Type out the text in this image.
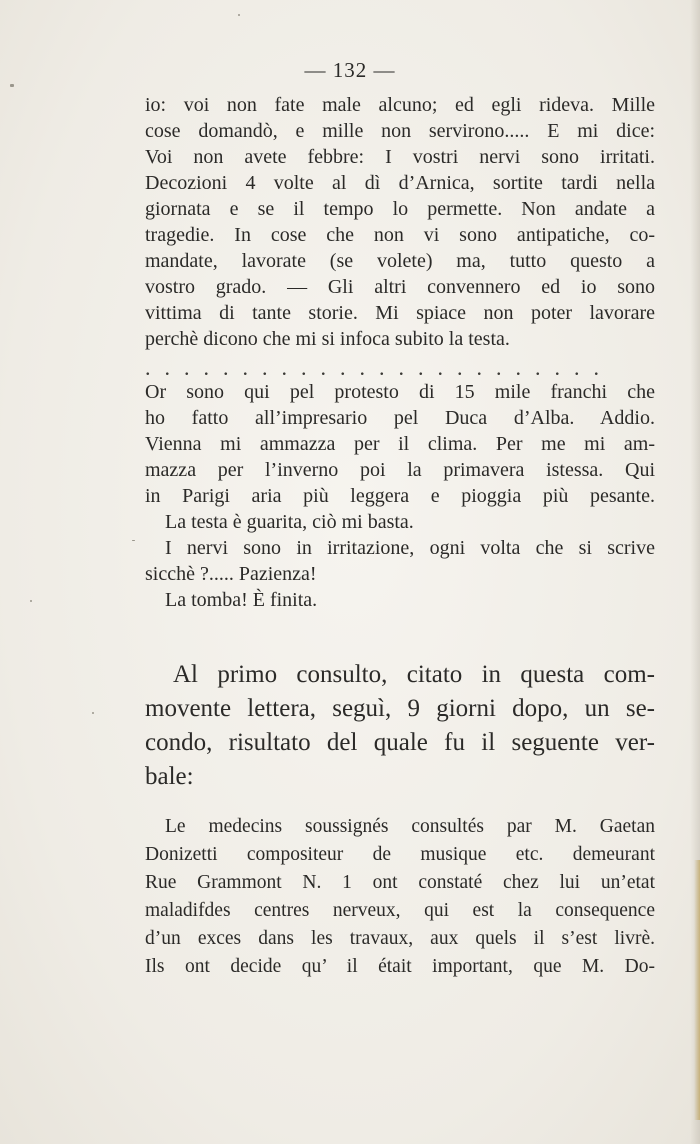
— 132 —
io: voi non fate male alcuno; ed egli rideva. Mille
cose domandò, e mille non servirono..... E mi dice:
Voi non avete febbre: I vostri nervi sono irritati.
Decozioni 4 volte al dì d’Arnica, sortite tardi nella
giornata e se il tempo lo permette. Non andate a
tragedie. In cose che non vi sono antipatiche, co-
mandate, lavorate (se volete) ma, tutto questo a
vostro grado. — Gli altri convennero ed io sono
vittima di tante storie. Mi spiace non poter lavorare
perchè dicono che mi si infoca subito la testa.
........................
Or sono qui pel protesto di 15 mile franchi che
ho fatto all’impresario pel Duca d’Alba. Addio.
Vienna mi ammazza per il clima. Per me mi am-
mazza per l’inverno poi la primavera istessa. Qui
in Parigi aria più leggera e pioggia più pesante.
La testa è guarita, ciò mi basta.
I nervi sono in irritazione, ogni volta che si scrive
sicchè ?..... Pazienza!
La tomba! È finita.
Al primo consulto, citato in questa com-
movente lettera, seguì, 9 giorni dopo, un se-
condo, risultato del quale fu il seguente ver-
bale:
Le medecins soussignés consultés par M. Gaetan
Donizetti compositeur de musique etc. demeurant
Rue Grammont N. 1 ont constaté chez lui un’etat
maladifdes centres nerveux, qui est la consequence
d’un exces dans les travaux, aux quels il s’est livrè.
Ils ont decide qu’ il était important, que M. Do-
